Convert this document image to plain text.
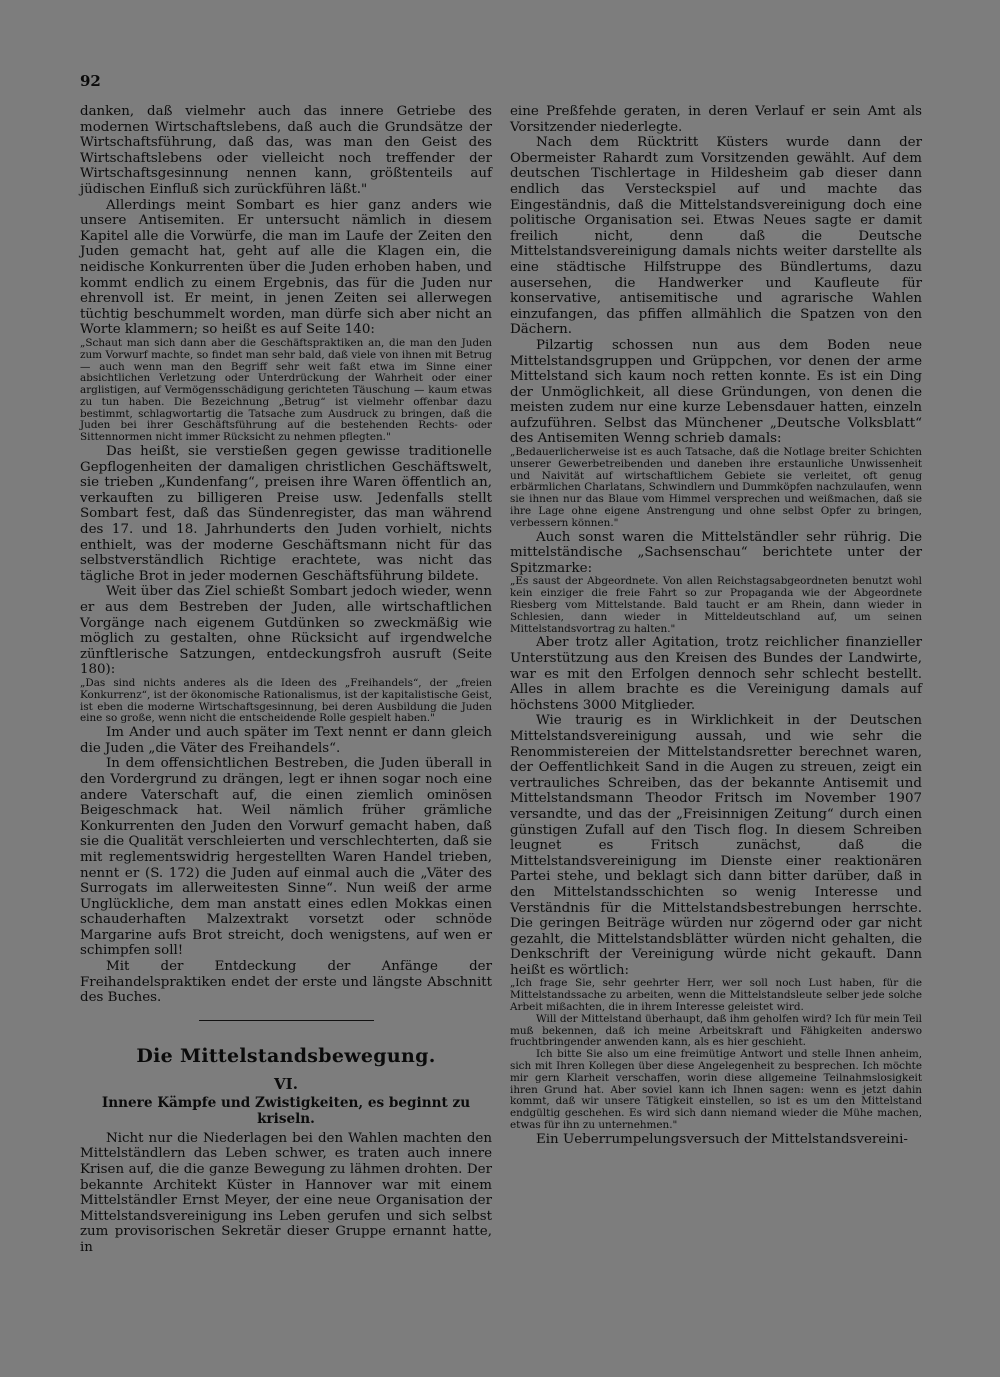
92

danken, daß vielmehr auch das innere Getriebe des modernen Wirtschaftslebens, daß auch die Grundsätze der Wirtschaftsführung, daß das, was man den Geist des Wirtschaftslebens oder vielleicht noch treffender der Wirtschaftsgesinnung nennen kann, größtenteils auf jüdischen Einfluß sich zurückführen läßt."

Allerdings meint Sombart es hier ganz anders wie unsere Antisemiten. Er untersucht nämlich in diesem Kapitel alle die Vorwürfe, die man im Laufe der Zeiten den Juden gemacht hat, geht auf alle die Klagen ein, die neidische Konkurrenten über die Juden erhoben haben, und kommt endlich zu einem Ergebnis, das für die Juden nur ehrenvoll ist. Er meint, in jenen Zeiten sei allerwegen tüchtig beschummelt worden, man dürfe sich aber nicht an Worte klammern; so heißt es auf Seite 140:

„Schaut man sich dann aber die Geschäftspraktiken an, die man den Juden zum Vorwurf machte, so findet man sehr bald, daß viele von ihnen mit Betrug — auch wenn man den Begriff sehr weit faßt etwa im Sinne einer absichtlichen Verletzung oder Unterdrückung der Wahrheit oder einer arglistigen, auf Vermögensschädigung gerichteten Täuschung — kaum etwas zu tun haben. Die Bezeichnung „Betrug“ ist vielmehr offenbar dazu bestimmt, schlagwortartig die Tatsache zum Ausdruck zu bringen, daß die Juden bei ihrer Geschäftsführung auf die bestehenden Rechts- oder Sittennormen nicht immer Rücksicht zu nehmen pflegten."

Das heißt, sie verstießen gegen gewisse traditionelle Gepflogenheiten der damaligen christlichen Geschäftswelt, sie trieben „Kundenfang“, preisen ihre Waren öffentlich an, verkauften zu billigeren Preise usw. Jedenfalls stellt Sombart fest, daß das Sündenregister, das man während des 17. und 18. Jahrhunderts den Juden vorhielt, nichts enthielt, was der moderne Geschäftsmann nicht für das selbstverständlich Richtige erachtete, was nicht das tägliche Brot in jeder modernen Geschäftsführung bildete.

Weit über das Ziel schießt Sombart jedoch wieder, wenn er aus dem Bestreben der Juden, alle wirtschaftlichen Vorgänge nach eigenem Gutdünken so zweckmäßig wie möglich zu gestalten, ohne Rücksicht auf irgendwelche zünftlerische Satzungen, entdeckungsfroh ausruft (Seite 180):

„Das sind nichts anderes als die Ideen des „Freihandels“, der „freien Konkurrenz“, ist der ökonomische Rationalismus, ist der kapitalistische Geist, ist eben die moderne Wirtschaftsgesinnung, bei deren Ausbildung die Juden eine so große, wenn nicht die entscheidende Rolle gespielt haben."

Im Ander und auch später im Text nennt er dann gleich die Juden „die Väter des Freihandels“.

In dem offensichtlichen Bestreben, die Juden überall in den Vordergrund zu drängen, legt er ihnen sogar noch eine andere Vaterschaft auf, die einen ziemlich ominösen Beigeschmack hat. Weil nämlich früher grämliche Konkurrenten den Juden den Vorwurf gemacht haben, daß sie die Qualität verschleierten und verschlechterten, daß sie mit reglementswidrig hergestellten Waren Handel trieben, nennt er (S. 172) die Juden auf einmal auch die „Väter des Surrogats im allerweitesten Sinne“. Nun weiß der arme Unglückliche, dem man anstatt eines edlen Mokkas einen schauderhaften Malzextrakt vorsetzt oder schnöde Margarine aufs Brot streicht, doch wenigstens, auf wen er schimpfen soll!

Mit der Entdeckung der Anfänge der Freihandelspraktiken endet der erste und längste Abschnitt des Buches.

Die Mittelstandsbewegung.
VI.
Innere Kämpfe und Zwistigkeiten, es beginnt zu kriseln.

Nicht nur die Niederlagen bei den Wahlen machten den Mittelständlern das Leben schwer, es traten auch innere Krisen auf, die die ganze Bewegung zu lähmen drohten. Der bekannte Architekt Küster in Hannover war mit einem Mittelständler Ernst Meyer, der eine neue Organisation der Mittelstandsvereinigung ins Leben gerufen und sich selbst zum provisorischen Sekretär dieser Gruppe ernannt hatte, in

eine Preßfehde geraten, in deren Verlauf er sein Amt als Vorsitzender niederlegte.

Nach dem Rücktritt Küsters wurde dann der Obermeister Rahardt zum Vorsitzenden gewählt. Auf dem deutschen Tischlertage in Hildesheim gab dieser dann endlich das Versteckspiel auf und machte das Eingeständnis, daß die Mittelstandsvereinigung doch eine politische Organisation sei. Etwas Neues sagte er damit freilich nicht, denn daß die Deutsche Mittelstandsvereinigung damals nichts weiter darstellte als eine städtische Hilfstruppe des Bündlertums, dazu ausersehen, die Handwerker und Kaufleute für konservative, antisemitische und agrarische Wahlen einzufangen, das pfiffen allmählich die Spatzen von den Dächern.

Pilzartig schossen nun aus dem Boden neue Mittelstandsgruppen und Grüppchen, vor denen der arme Mittelstand sich kaum noch retten konnte. Es ist ein Ding der Unmöglichkeit, all diese Gründungen, von denen die meisten zudem nur eine kurze Lebensdauer hatten, einzeln aufzuführen. Selbst das Münchener „Deutsche Volksblatt“ des Antisemiten Wenng schrieb damals:

„Bedauerlicherweise ist es auch Tatsache, daß die Notlage breiter Schichten unserer Gewerbetreibenden und daneben ihre erstaunliche Unwissenheit und Naivität auf wirtschaftlichem Gebiete sie verleitet, oft genug erbärmlichen Charlatans, Schwindlern und Dummköpfen nachzulaufen, wenn sie ihnen nur das Blaue vom Himmel versprechen und weißmachen, daß sie ihre Lage ohne eigene Anstrengung und ohne selbst Opfer zu bringen, verbessern können."

Auch sonst waren die Mittelständler sehr rührig. Die mittelständische „Sachsenschau“ berichtete unter der Spitzmarke:

„Es saust der Abgeordnete. Von allen Reichstagsabgeordneten benutzt wohl kein einziger die freie Fahrt so zur Propaganda wie der Abgeordnete Riesberg vom Mittelstande. Bald taucht er am Rhein, dann wieder in Schlesien, dann wieder in Mitteldeutschland auf, um seinen Mittelstandsvortrag zu halten."

Aber trotz aller Agitation, trotz reichlicher finanzieller Unterstützung aus den Kreisen des Bundes der Landwirte, war es mit den Erfolgen dennoch sehr schlecht bestellt. Alles in allem brachte es die Vereinigung damals auf höchstens 3000 Mitglieder.

Wie traurig es in Wirklichkeit in der Deutschen Mittelstandsvereinigung aussah, und wie sehr die Renommistereien der Mittelstandsretter berechnet waren, der Oeffentlichkeit Sand in die Augen zu streuen, zeigt ein vertrauliches Schreiben, das der bekannte Antisemit und Mittelstandsmann Theodor Fritsch im November 1907 versandte, und das der „Freisinnigen Zeitung“ durch einen günstigen Zufall auf den Tisch flog. In diesem Schreiben leugnet es Fritsch zunächst, daß die Mittelstandsvereinigung im Dienste einer reaktionären Partei stehe, und beklagt sich dann bitter darüber, daß in den Mittelstandsschichten so wenig Interesse und Verständnis für die Mittelstandsbestrebungen herrschte. Die geringen Beiträge würden nur zögernd oder gar nicht gezahlt, die Mittelstandsblätter würden nicht gehalten, die Denkschrift der Vereinigung würde nicht gekauft. Dann heißt es wörtlich:

„Ich frage Sie, sehr geehrter Herr, wer soll noch Lust haben, für die Mittelstandssache zu arbeiten, wenn die Mittelstandsleute selber jede solche Arbeit mißachten, die in ihrem Interesse geleistet wird.

Will der Mittelstand überhaupt, daß ihm geholfen wird? Ich für mein Teil muß bekennen, daß ich meine Arbeitskraft und Fähigkeiten anderswo fruchtbringender anwenden kann, als es hier geschieht.

Ich bitte Sie also um eine freimütige Antwort und stelle Ihnen anheim, sich mit Ihren Kollegen über diese Angelegenheit zu besprechen. Ich möchte mir gern Klarheit verschaffen, worin diese allgemeine Teilnahmslosigkeit ihren Grund hat. Aber soviel kann ich Ihnen sagen: wenn es jetzt dahin kommt, daß wir unsere Tätigkeit einstellen, so ist es um den Mittelstand endgültig geschehen. Es wird sich dann niemand wieder die Mühe machen, etwas für ihn zu unternehmen."

Ein Ueberrumpelungsversuch der Mittelstandsvereini-
